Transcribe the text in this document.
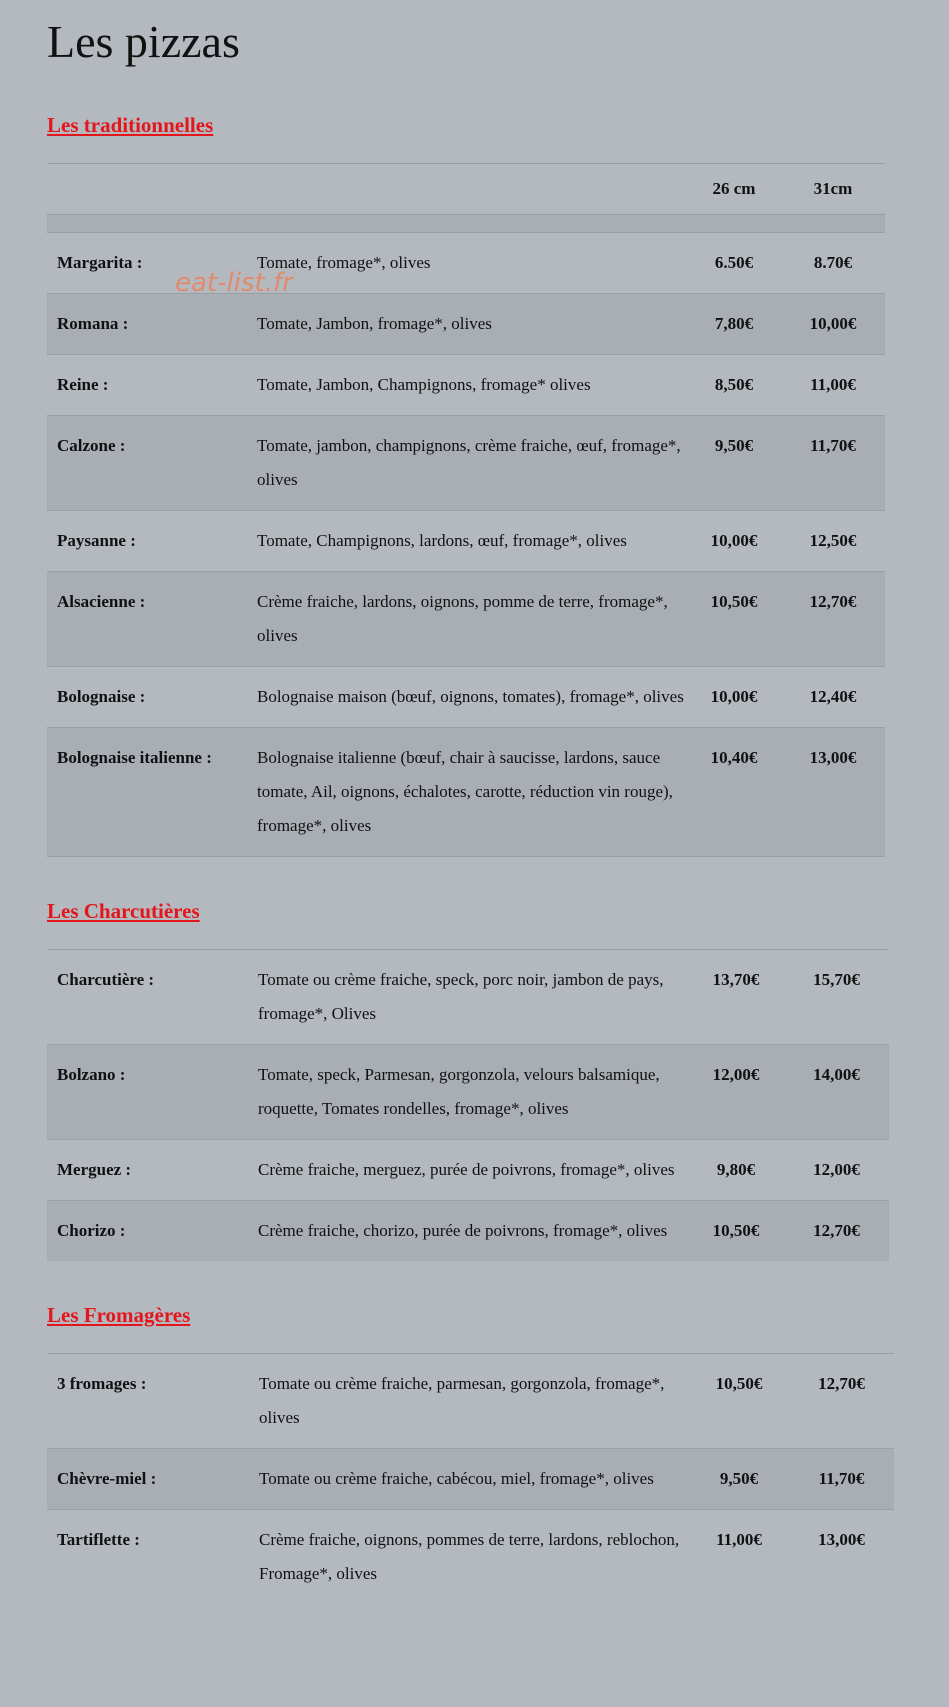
Les pizzas
Les traditionnelles
		26 cm	31cm

Margarita :	Tomate, fromage*, olives	6.50€	8.70€
Romana :	Tomate, Jambon, fromage*, olives	7,80€	10,00€
Reine :	Tomate, Jambon, Champignons, fromage* olives	8,50€	11,00€
Calzone :	Tomate, jambon, champignons, crème fraiche, œuf, fromage*, olives	9,50€	11,70€
Paysanne :	Tomate, Champignons, lardons, œuf, fromage*, olives	10,00€	12,50€
Alsacienne :	Crème fraiche, lardons, oignons, pomme de terre, fromage*, olives	10,50€	12,70€
Bolognaise :	Bolognaise maison (bœuf, oignons, tomates), fromage*, olives	10,00€	12,40€
Bolognaise italienne :	Bolognaise italienne (bœuf, chair à saucisse, lardons, sauce tomate, Ail, oignons, échalotes, carotte, réduction vin rouge), fromage*, olives	10,40€	13,00€
Les Charcutières
Charcutière :	Tomate ou crème fraiche, speck, porc noir, jambon de pays, fromage*, Olives	13,70€	15,70€
Bolzano :	Tomate, speck, Parmesan, gorgonzola, velours balsamique, roquette, Tomates rondelles, fromage*, olives	12,00€	14,00€
Merguez :	Crème fraiche, merguez, purée de poivrons, fromage*, olives	9,80€	12,00€
Chorizo :	Crème fraiche, chorizo, purée de poivrons, fromage*, olives	10,50€	12,70€
Les Fromagères
3 fromages :	Tomate ou crème fraiche, parmesan, gorgonzola, fromage*, olives	10,50€	12,70€
Chèvre-miel :	Tomate ou crème fraiche, cabécou, miel, fromage*, olives	9,50€	11,70€
Tartiflette :	Crème fraiche, oignons, pommes de terre, lardons, reblochon, Fromage*, olives	11,00€	13,00€
eat-list.fr
